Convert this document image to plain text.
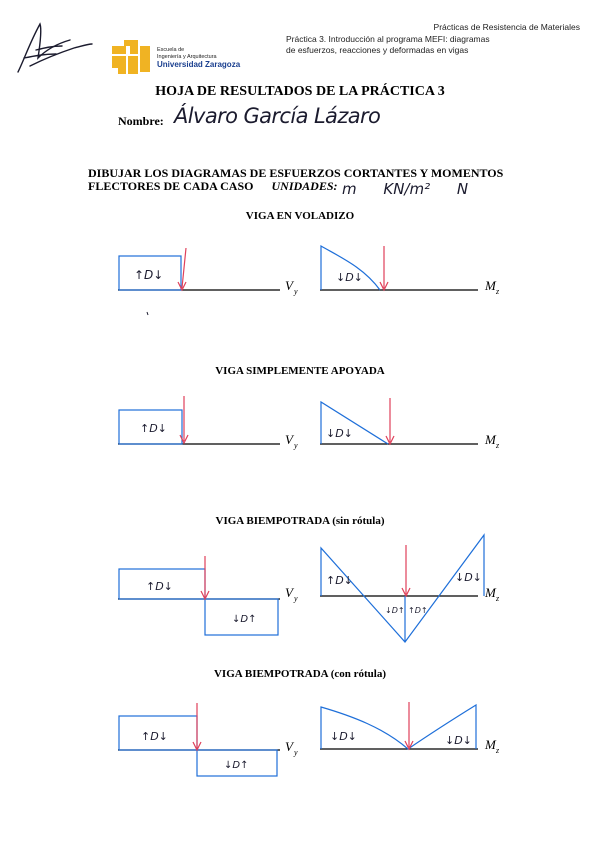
Prácticas de Resistencia de Materiales
Práctica 3. Introducción al programa MEFI: diagramas
de esfuerzos, reacciones y deformadas en vigas
Escuela de
Ingeniería y Arquitectura
Universidad Zaragoza
HOJA DE RESULTADOS DE LA PRÁCTICA 3
Nombre: Álvaro García Lázaro
DIBUJAR LOS DIAGRAMAS DE ESFUERZOS CORTANTES Y MOMENTOS
FLECTORES DE CADA CASO UNIDADES: m KN/m² N
VIGA EN VOLADIZO
VIGA SIMPLEMENTE APOYADA
VIGA BIEMPOTRADA (sin rótula)
VIGA BIEMPOTRADA (con rótula)
↑D↓
V y
↓D↓
M z
↑D↓
V y
↓D↓	M z
↑D↓
↓D↑
V y
↑D↓	↓D↓
↓D↑ ↑D↑
M z
↑D↓
↓D↑
V y
↓D↓	↓D↓ M z
